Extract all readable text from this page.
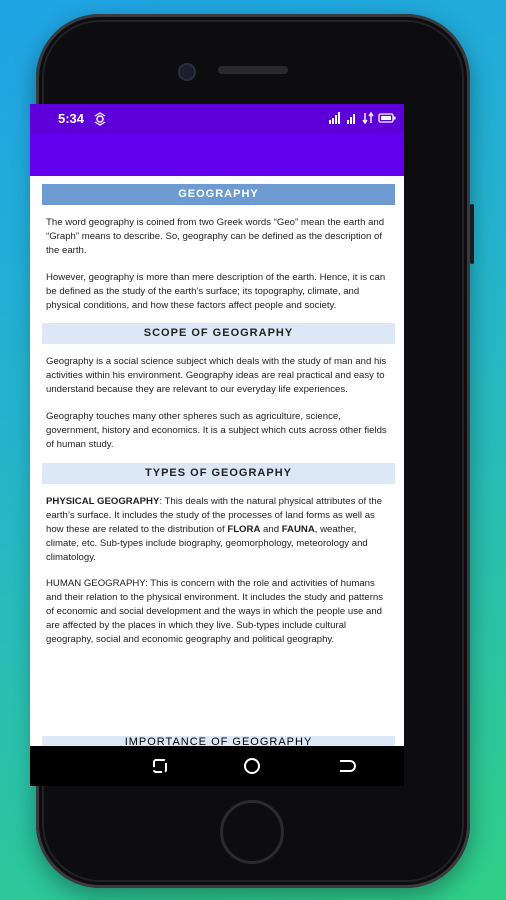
5:34
GEOGRAPHY

The word geography is coined from two Greek words “Geo” mean the earth and “Graph” means to describe. So, geography can be defined as the description of the earth.

However, geography is more than mere description of the earth. Hence, it is can be defined as the study of the earth’s surface; its topography, climate, and physical conditions, and how these factors affect people and society.

SCOPE OF GEOGRAPHY

Geography is a social science subject which deals with the study of man and his activities within his environment. Geography ideas are real practical and easy to understand because they are relevant to our everyday life experiences.

Geography touches many other spheres such as agriculture, science, government, history and economics. It is a subject which cuts across other fields of human study.

TYPES OF GEOGRAPHY

PHYSICAL GEOGRAPHY: This deals with the natural physical attributes of the earth’s surface. It includes the study of the processes of land forms as well as how these are related to the distribution of FLORA and FAUNA, weather, climate, etc. Sub-types include biography, geomorphology, meteorology and climatology.

HUMAN GEOGRAPHY: This is concern with the role and activities of humans and their relation to the physical environment. It includes the study and patterns of economic and social development and the ways in which the people use and are affected by the places in which they live. Sub-types include cultural geography, social and economic geography and political geography.

IMPORTANCE OF GEOGRAPHY
